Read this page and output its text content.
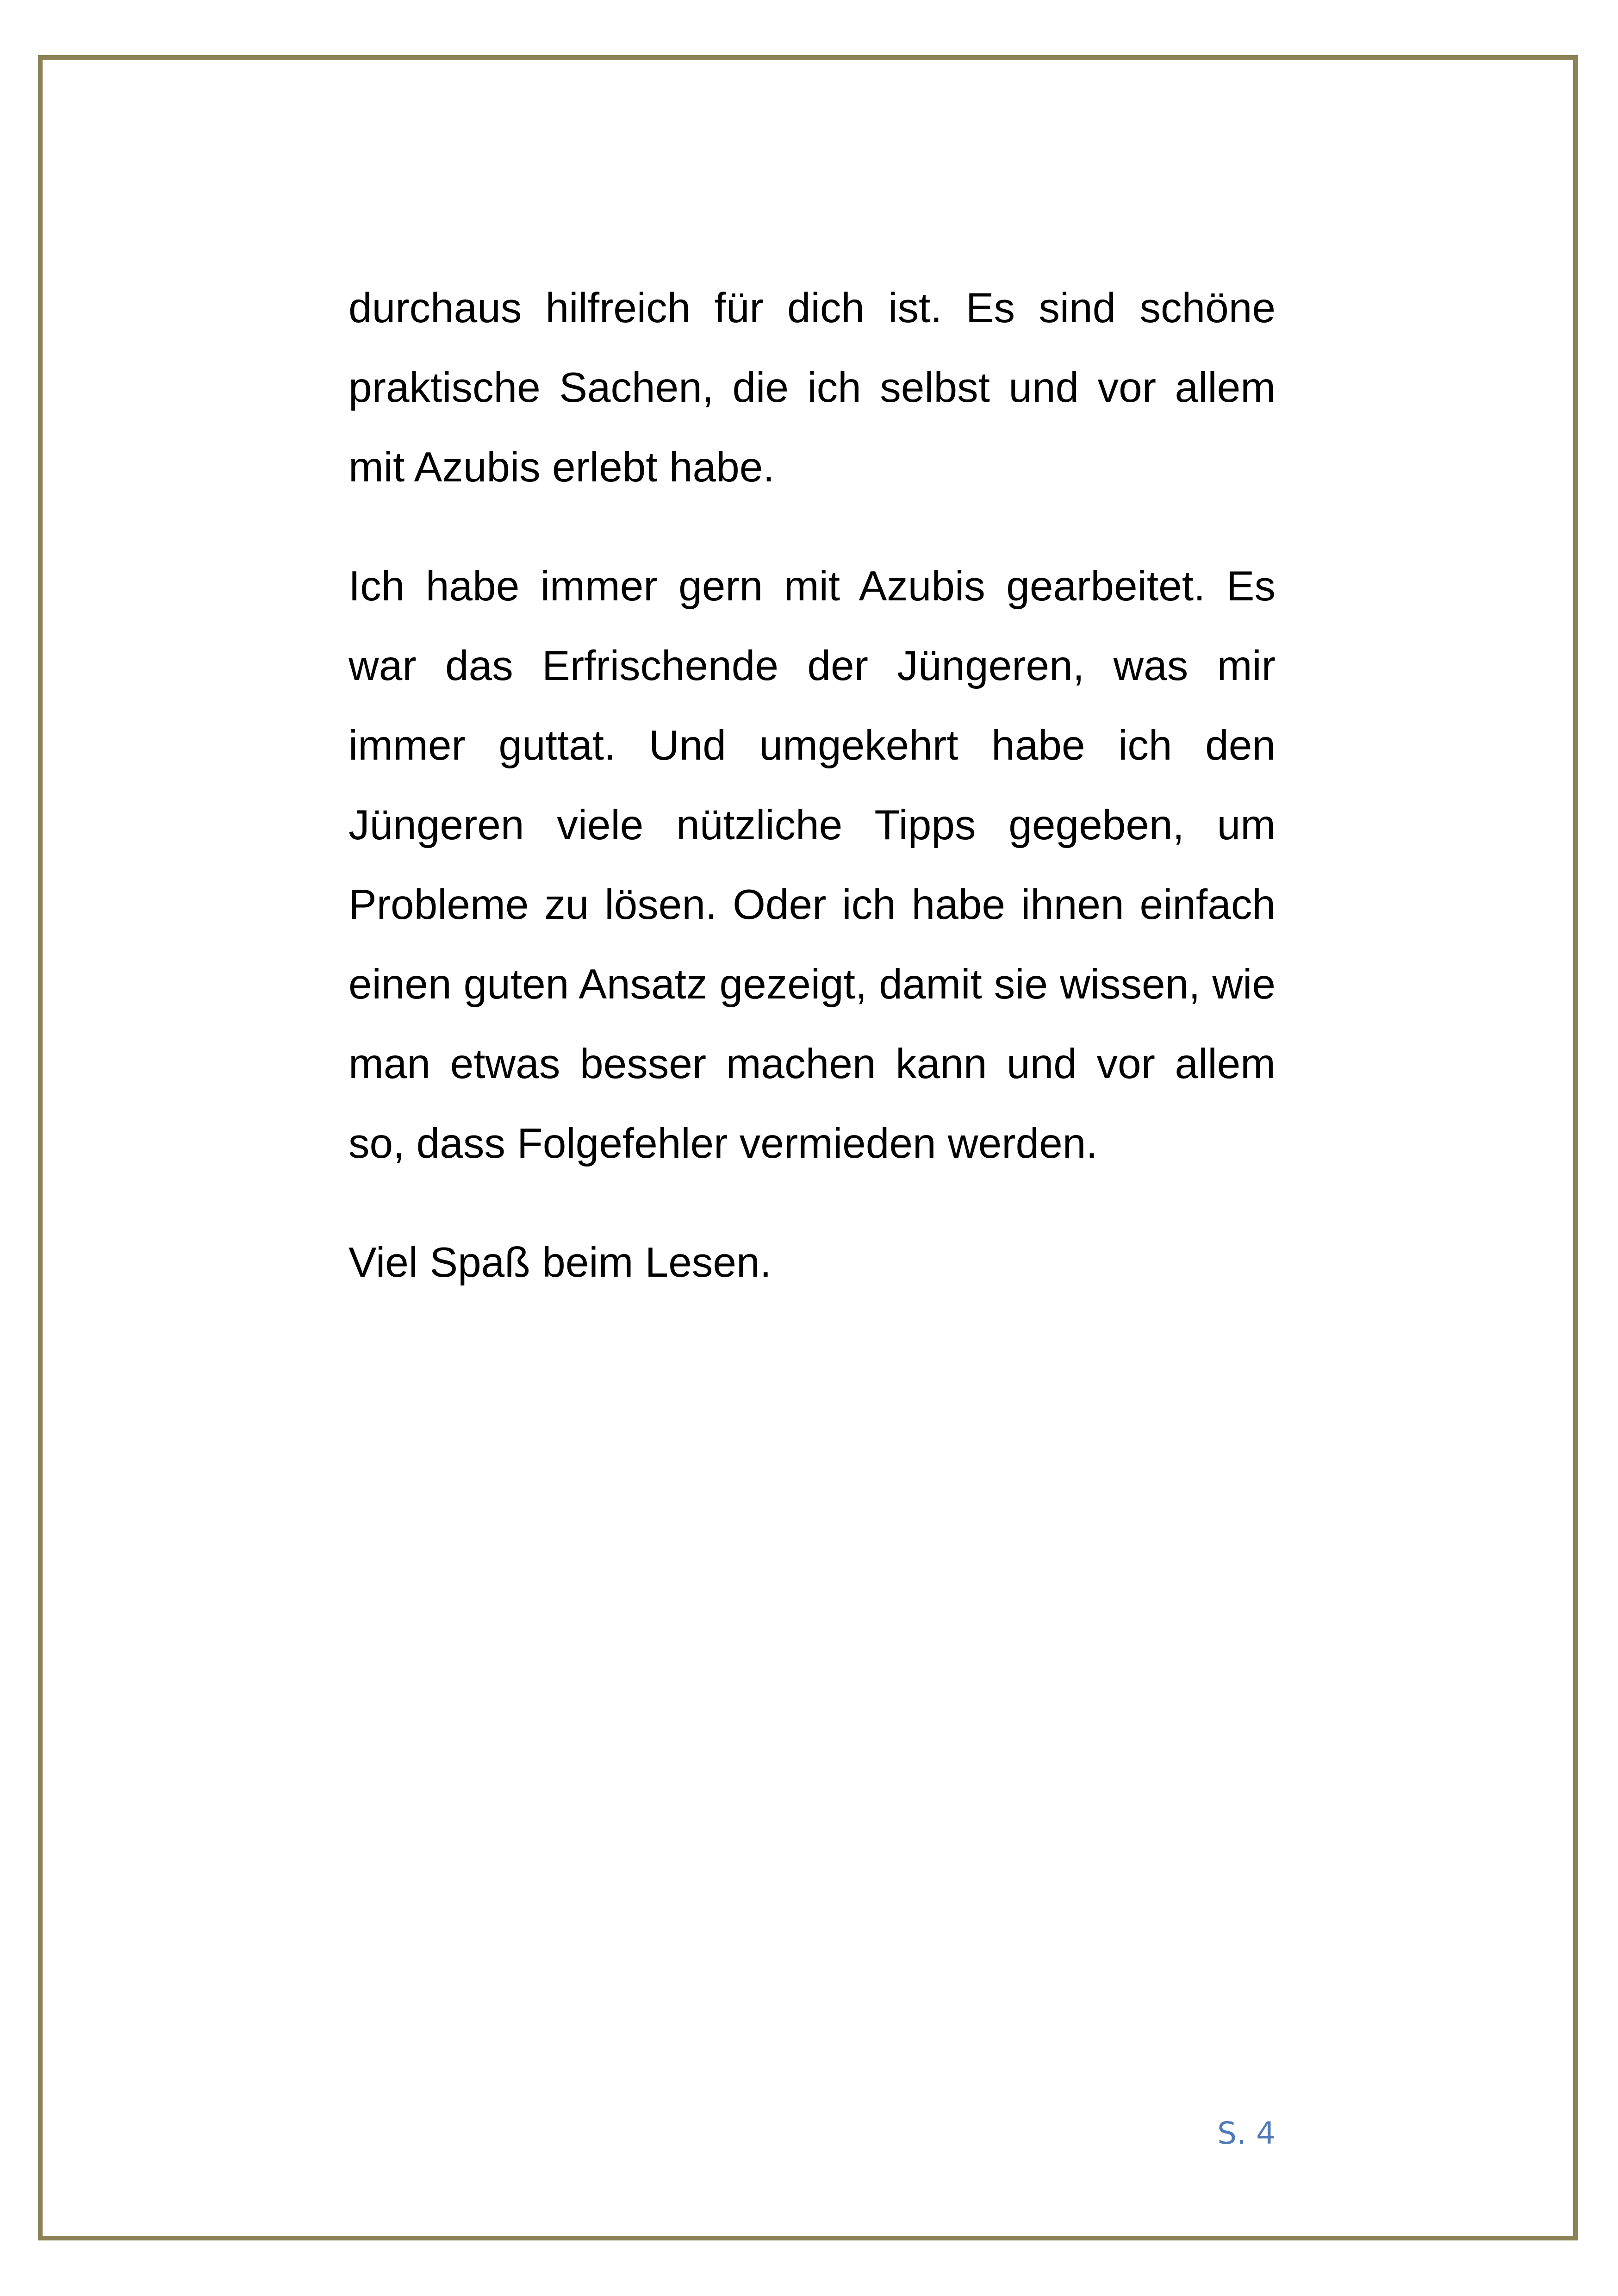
durchaus hilfreich für dich ist. Es sind schöne praktische Sachen, die ich selbst und vor allem mit Azubis erlebt habe.

Ich habe immer gern mit Azubis gearbeitet. Es war das Erfrischende der Jüngeren, was mir immer guttat. Und umgekehrt habe ich den Jüngeren viele nützliche Tipps gegeben, um Probleme zu lösen. Oder ich habe ihnen einfach einen guten Ansatz gezeigt, damit sie wissen, wie man etwas besser machen kann und vor allem so, dass Folgefehler vermieden werden.

Viel Spaß beim Lesen.

S. 4
